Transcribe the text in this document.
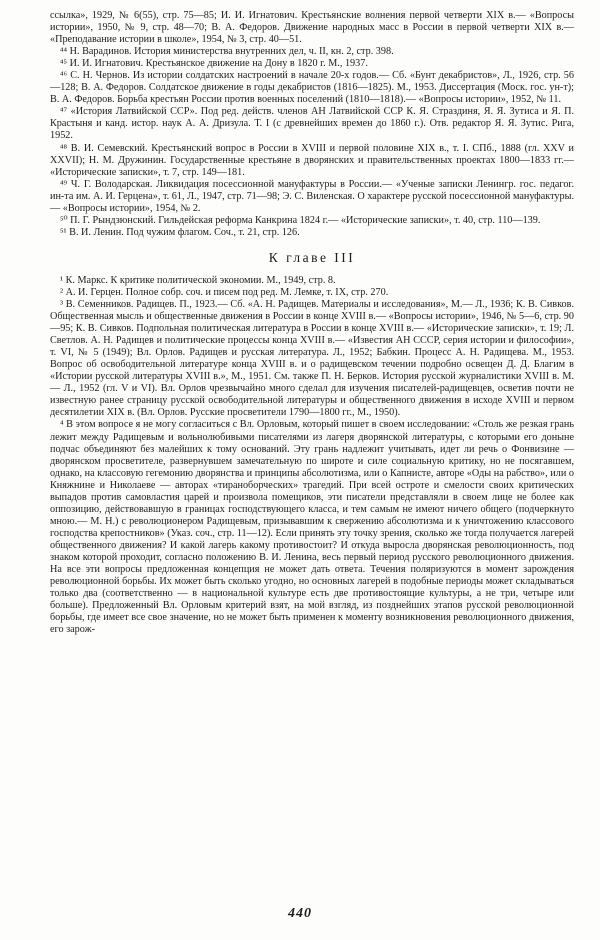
ссылка», 1929, № 6(55), стр. 75—85; И. И. Игнатович. Крестьянские волнения первой четверти XIX в.— «Вопросы истории», 1950, № 9, стр. 48—70; В. А. Федоров. Движение народных масс в России в первой четверти XIX в.— «Преподавание истории в школе», 1954, № 3, стр. 40—51.

⁴⁴ Н. Варадинов. История министерства внутренних дел, ч. II, кн. 2, стр. 398.

⁴⁵ И. И. Игнатович. Крестьянское движение на Дону в 1820 г. М., 1937.

⁴⁶ С. Н. Чернов. Из истории солдатских настроений в начале 20-х годов.— Сб. «Бунт декабристов», Л., 1926, стр. 56—128; В. А. Федоров. Солдатское движение в годы декабристов (1816—1825). М., 1953. Диссертация (Моск. гос. ун-т); В. А. Федоров. Борьба крестьян России против военных поселений (1810—1818).— «Вопросы истории», 1952, № 11.

⁴⁷ «История Латвийской ССР». Под ред. действ. членов АН Латвийской ССР К. Я. Страздиня, Я. Я. Зутиса и Я. П. Крастыня и канд. истор. наук А. А. Дризула. Т. I (с древнейших времен до 1860 г.). Отв. редактор Я. Я. Зутис. Рига, 1952.

⁴⁸ В. И. Семевский. Крестьянский вопрос в России в XVIII и первой половине XIX в., т. I. СПб., 1888 (гл. XXV и XXVII); Н. М. Дружинин. Государственные крестьяне в дворянских и правительственных проектах 1800—1833 гг.— «Исторические записки», т. 7, стр. 149—181.

⁴⁹ Ч. Г. Володарская. Ликвидация посессионной мануфактуры в России.— «Ученые записки Ленингр. гос. педагог. ин-та им. А. И. Герцена», т. 61, Л., 1947, стр. 71—98; Э. С. Виленская. О характере русской посессионной мануфактуры.— «Вопросы истории», 1954, № 2.

⁵⁰ П. Г. Рындзюнский. Гильдейская реформа Канкрина 1824 г.— «Исторические записки», т. 40, стр. 110—139.

⁵¹ В. И. Ленин. Под чужим флагом. Соч., т. 21, стр. 126.

К главе III

¹ К. Маркс. К критике политической экономии. М., 1949, стр. 8.

² А. И. Герцен. Полное собр. соч. и писем под ред. М. Лемке, т. IX, стр. 270.

³ В. Семенников. Радищев. П., 1923.— Сб. «А. Н. Радищев. Материалы и исследования», М.— Л., 1936; К. В. Сивков. Общественная мысль и общественные движения в России в конце XVIII в.— «Вопросы истории», 1946, № 5—6, стр. 90—95; К. В. Сивков. Подпольная политическая литература в России в конце XVIII в.— «Исторические записки», т. 19; Л. Светлов. А. Н. Радищев и политические процессы конца XVIII в.— «Известия АН СССР, серия истории и философии», т. VI, № 5 (1949); Вл. Орлов. Радищев и русская литература. Л., 1952; Бабкин. Процесс А. Н. Радищева. М., 1953. Вопрос об освободительной литературе конца XVIII в. и о радищевском течении подробно освещен Д. Д. Благим в «Истории русской литературы XVIII в.», М., 1951. См. также П. Н. Берков. История русской журналистики XVIII в. М.— Л., 1952 (гл. V и VI). Вл. Орлов чрезвычайно много сделал для изучения писателей-радищевцев, осветив почти не известную ранее страницу русской освободительной литературы и общественного движения в исходе XVIII и первом десятилетии XIX в. (Вл. Орлов. Русские просветители 1790—1800 гг., М., 1950).

⁴ В этом вопросе я не могу согласиться с Вл. Орловым, который пишет в своем исследовании: «Столь же резкая грань лежит между Радищевым и вольнолюбивыми писателями из лагеря дворянской литературы, с которыми его доныне подчас объединяют без малейших к тому оснований. Эту грань надлежит учитывать, идет ли речь о Фонвизине — дворянском просветителе, развернувшем замечательную по широте и силе социальную критику, но не посягавшем, однако, на классовую гегемонию дворянства и принципы абсолютизма, или о Капнисте, авторе «Оды на рабство», или о Княжнине и Николаеве — авторах «тираноборческих» трагедий. При всей остроте и смелости своих критических выпадов против самовластия царей и произвола помещиков, эти писатели представляли в своем лице не более как оппозицию, действовавшую в границах господствующего класса, и тем самым не имеют ничего общего (подчеркнуто мною.— М. Н.) с революционером Радищевым, призывавшим к свержению абсолютизма и к уничтожению классового господства крепостников» (Указ. соч., стр. 11—12). Если принять эту точку зрения, сколько же тогда получается лагерей общественного движения? И какой лагерь какому противостоит? И откуда выросла дворянская революционность, под знаком которой проходит, согласно положению В. И. Ленина, весь первый период русского революционного движения. На все эти вопросы предложенная концепция не может дать ответа. Течения поляризуются в момент зарождения революционной борьбы. Их может быть сколько угодно, но основных лагерей в подобные периоды может складываться только два (соответственно — в национальной культуре есть две противостоящие культуры, а не три, четыре или больше). Предложенный Вл. Орловым критерий взят, на мой взгляд, из позднейших этапов русской революционной борьбы, где имеет все свое значение, но не может быть применен к моменту возникновения революционного движения, его зарож-

440
